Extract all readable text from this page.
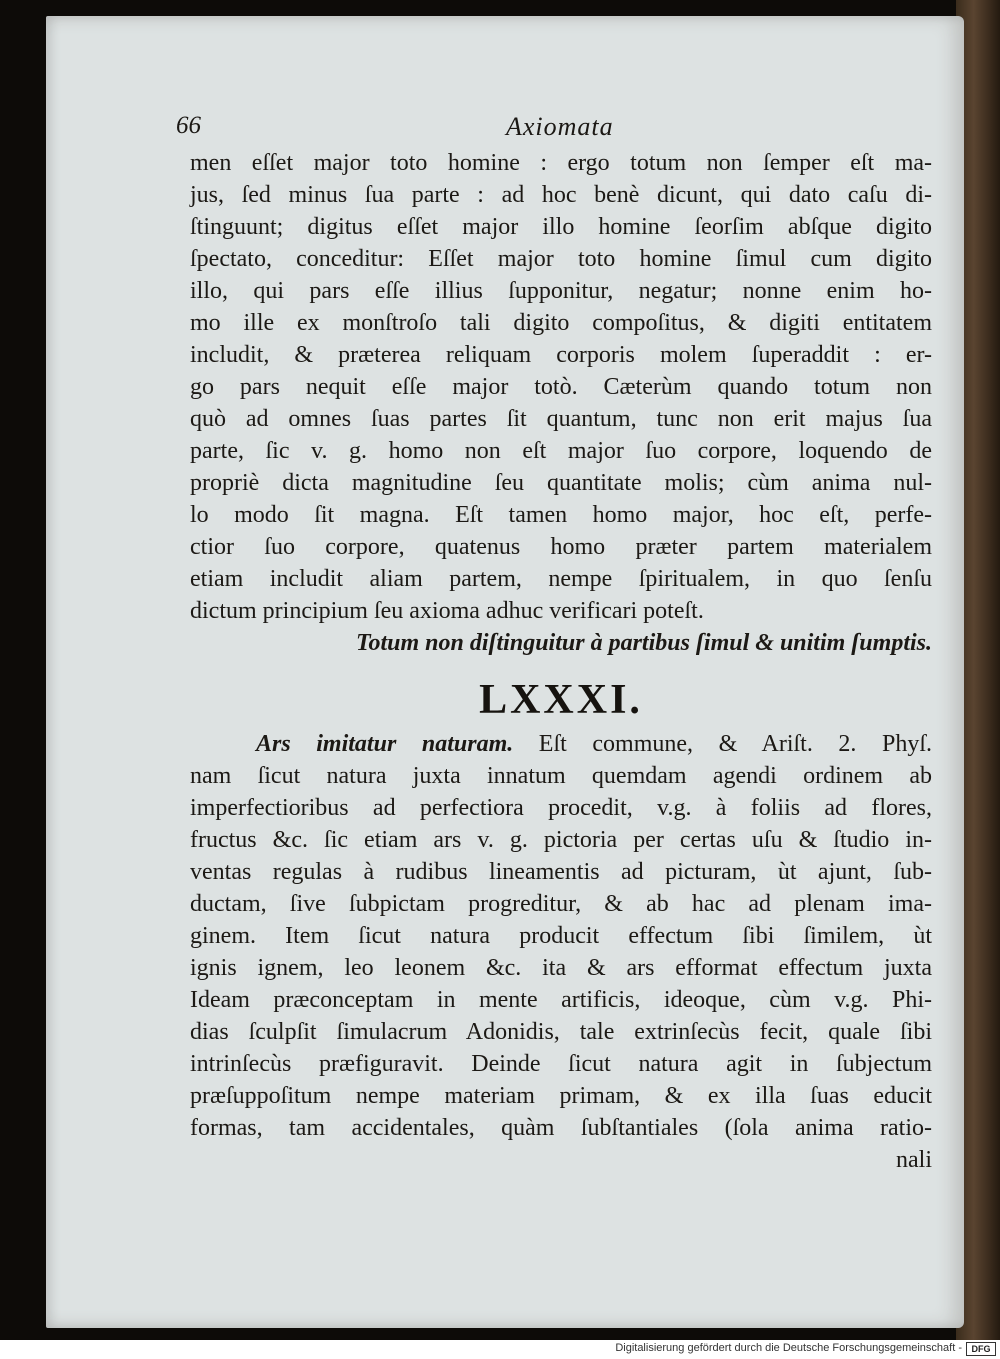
66	Axiomata
men eſſet major toto homine : ergo totum non ſemper eſt ma-
jus, ſed minus ſua parte : ad hoc benè dicunt, qui dato caſu di-
ſtinguunt; digitus eſſet major illo homine ſeorſim abſque digito
ſpectato, conceditur: Eſſet major toto homine ſimul cum digito
illo, qui pars eſſe illius ſupponitur, negatur; nonne enim ho-
mo ille ex monſtroſo tali digito compoſitus, & digiti entitatem
includit, & præterea reliquam corporis molem ſuperaddit : er-
go pars nequit eſſe major totò. Cæterùm quando totum non
quò ad omnes ſuas partes ſit quantum, tunc non erit majus ſua
parte, ſic v. g. homo non eſt major ſuo corpore, loquendo de
propriè dicta magnitudine ſeu quantitate molis; cùm anima nul-
lo modo ſit magna. Eſt tamen homo major, hoc eſt, perfe-
ctior ſuo corpore, quatenus homo præter partem materialem
etiam includit aliam partem, nempe ſpiritualem, in quo ſenſu
dictum principium ſeu axioma adhuc verificari poteſt.
Totum non diſtinguitur à partibus ſimul & unitim ſumptis.
LXXXI.
Ars imitatur naturam. Eſt commune, & Ariſt. 2. Phyſ.
nam ſicut natura juxta innatum quemdam agendi ordinem ab
imperfectioribus ad perfectiora procedit, v.g. à foliis ad flores,
fructus &c. ſic etiam ars v. g. pictoria per certas uſu & ſtudio in-
ventas regulas à rudibus lineamentis ad picturam, ùt ajunt, ſub-
ductam, ſive ſubpictam progreditur, & ab hac ad plenam ima-
ginem. Item ſicut natura producit effectum ſibi ſimilem, ùt
ignis ignem, leo leonem &c. ita & ars efformat effectum juxta
Ideam præconceptam in mente artificis, ideoque, cùm v.g. Phi-
dias ſculpſit ſimulacrum Adonidis, tale extrinſecùs fecit, quale ſibi
intrinſecùs præfiguravit. Deinde ſicut natura agit in ſubjectum
præſuppoſitum nempe materiam primam, & ex illa ſuas educit
formas, tam accidentales, quàm ſubſtantiales (ſola anima ratio-
nali
Digitalisierung gefördert durch die Deutsche Forschungsgemeinschaft -	DFG
